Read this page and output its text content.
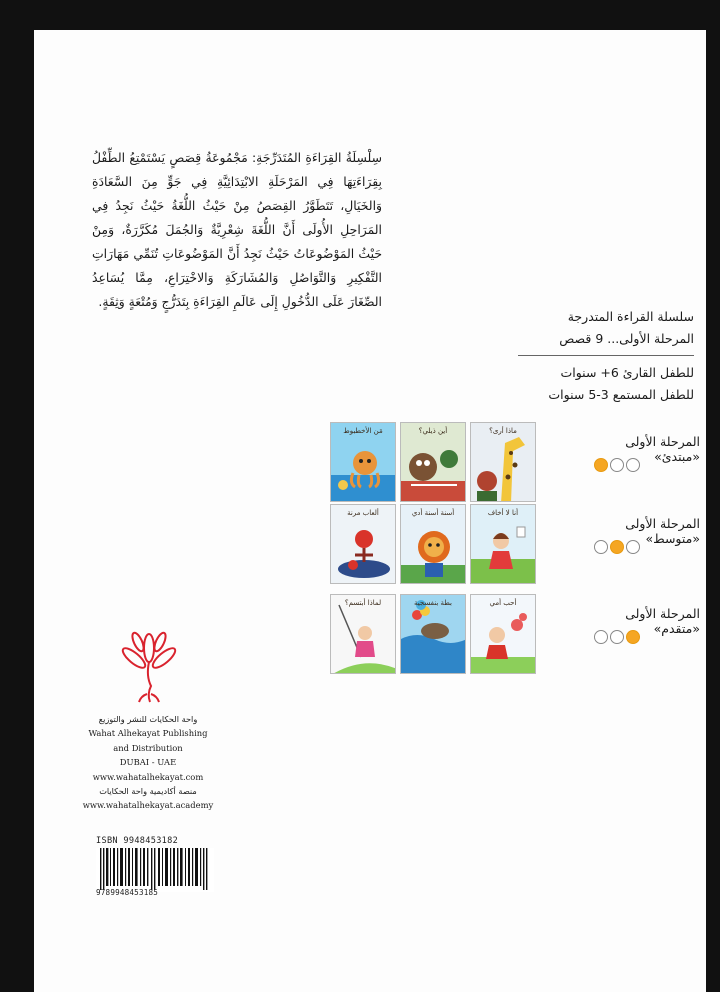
سِلْسِلَةُ القِرَاءَةِ المُتَدَرِّجَةِ: مَجْمُوعَةُ قِصَصٍ يَسْتَمْتِعُ الطِّفْلُ بِقِرَاءَتِهَا فِي المَرْحَلَةِ الابْتِدَائِيَّةِ فِي جَوٍّ مِنَ السَّعَادَةِ وَالخَيَالِ، تَتَطَوَّرُ القِصَصُ مِنْ حَيْثُ اللُّغَةُ حَيْثُ نَجِدُ فِي المَرَاحِلِ الأُولَى أَنَّ اللُّغَةَ شِعْرِيَّةٌ وَالجُمَلَ مُكَرَّرَةٌ، وَمِنْ حَيْثُ المَوْضُوعَاتُ حَيْثُ نَجِدُ أَنَّ المَوْضُوعَاتِ تُنَمِّي مَهَارَاتِ التَّفْكِيرِ وَالتَّوَاصُلِ وَالمُشَارَكَةِ وَالاخْتِرَاعِ، مِمَّا يُسَاعِدُ الصِّغَارَ عَلَى الدُّخُولِ إِلَى عَالَمِ القِرَاءَةِ بِتَدَرُّجٍ وَمُتْعَةٍ وَثِقَةٍ.

سلسلة القراءة المتدرجة
المرحلة الأولى... 9 قصص
للطفل القارئ 6+ سنوات
للطفل المستمع 3-5 سنوات
مَن الأخطبوط	أين ذيلي؟	ماذا أرى؟
المرحلة الأولى «مبتدئ»
ألعاب مرنة	أسنة أسنة أدي	أنا لا أخاف
المرحلة الأولى «متوسط»
لماذا أبتسم؟	بطة بنفسجية	أحب أمي
المرحلة الأولى «متقدم»
واحة الحكايات للنشر والتوزيع
Wahat Alhekayat Publishing
and Distribution
DUBAI - UAE
www.wahatalhekayat.com
منصة أكاديمية واحة الحكايات
www.wahatalhekayat.academy
ISBN 9948453182
9789948453185
